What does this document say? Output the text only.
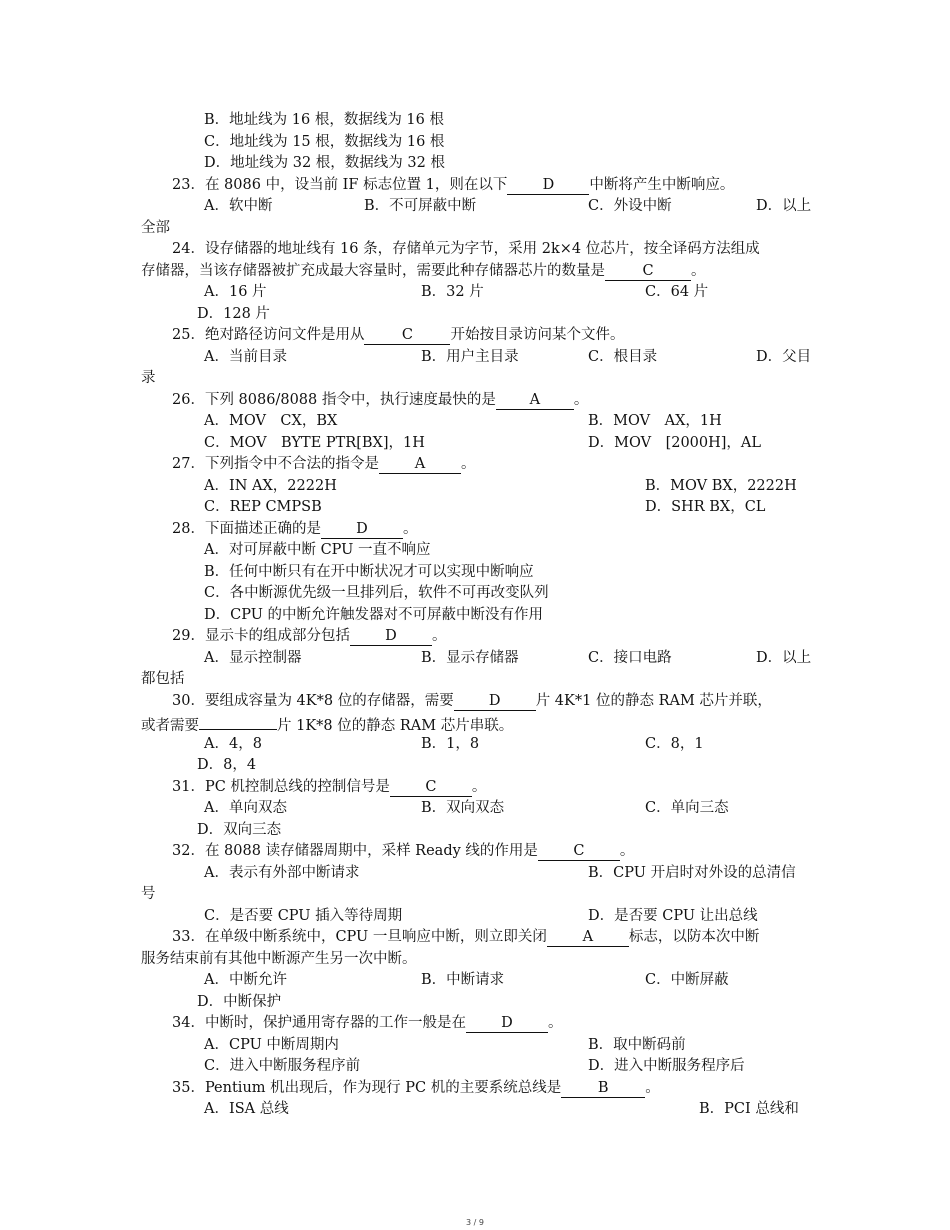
B．地址线为 16 根，数据线为 16 根
C．地址线为 15 根，数据线为 16 根
D．地址线为 32 根，数据线为 32 根
23．在 8086 中，设当前 IF 标志位置 1，则在以下 D 中断将产生中断响应。
A．软中断	B．不可屏蔽中断	C．外设中断	D．以上
全部
24．设存储器的地址线有 16 条，存储单元为字节，采用 2k×4 位芯片，按全译码方法组成
存储器，当该存储器被扩充成最大容量时，需要此种存储器芯片的数量是	C	。
A．16 片	B．32 片	C．64 片
D．128 片
25．绝对路径访问文件是用从	C	开始按目录访问某个文件。
A．当前目录	B．用户主目录	C．根目录	D．父目
录
26．下列 8086/8088 指令中，执行速度最快的是 A 。
A．MOV　CX，BX	B．MOV　AX，1H
C．MOV　BYTE PTR[BX]，1H	D．MOV　[2000H]，AL
27．下列指令中不合法的指令是 A 。
A．IN AX，2222H	B．MOV BX，2222H
C．REP CMPSB	D．SHR BX，CL
28．下面描述正确的是 D 。
A．对可屏蔽中断 CPU 一直不响应
B．任何中断只有在开中断状况才可以实现中断响应
C．各中断源优先级一旦排列后，软件不可再改变队列
D．CPU 的中断允许触发器对不可屏蔽中断没有作用
29．显示卡的组成部分包括 D 。
A．显示控制器	B．显示存储器	C．接口电路	D．以上
都包括
30．要组成容量为 4K*8 位的存储器，需要 D 片 4K*1 位的静态 RAM 芯片并联，
或者需要	片 1K*8 位的静态 RAM 芯片串联。
A．4，8	B．1，8	C．8，1
D．8，4
31．PC 机控制总线的控制信号是 C 。
A．单向双态	B．双向双态	C．单向三态
D．双向三态
32．在 8088 读存储器周期中，采样 Ready 线的作用是 C 。
A．表示有外部中断请求	B．CPU 开启时对外设的总清信
号
C．是否要 CPU 插入等待周期	D．是否要 CPU 让出总线
33．在单级中断系统中，CPU 一旦响应中断，则立即关闭 A 标志，以防本次中断
服务结束前有其他中断源产生另一次中断。
A．中断允许	B．中断请求	C．中断屏蔽
D．中断保护
34．中断时，保护通用寄存器的工作一般是在 D 。
A．CPU 中断周期内	B．取中断码前
C．进入中断服务程序前	D．进入中断服务程序后
35．Pentium 机出现后，作为现行 PC 机的主要系统总线是	B	。
A．ISA 总线	B．PCI 总线和
3 / 9
